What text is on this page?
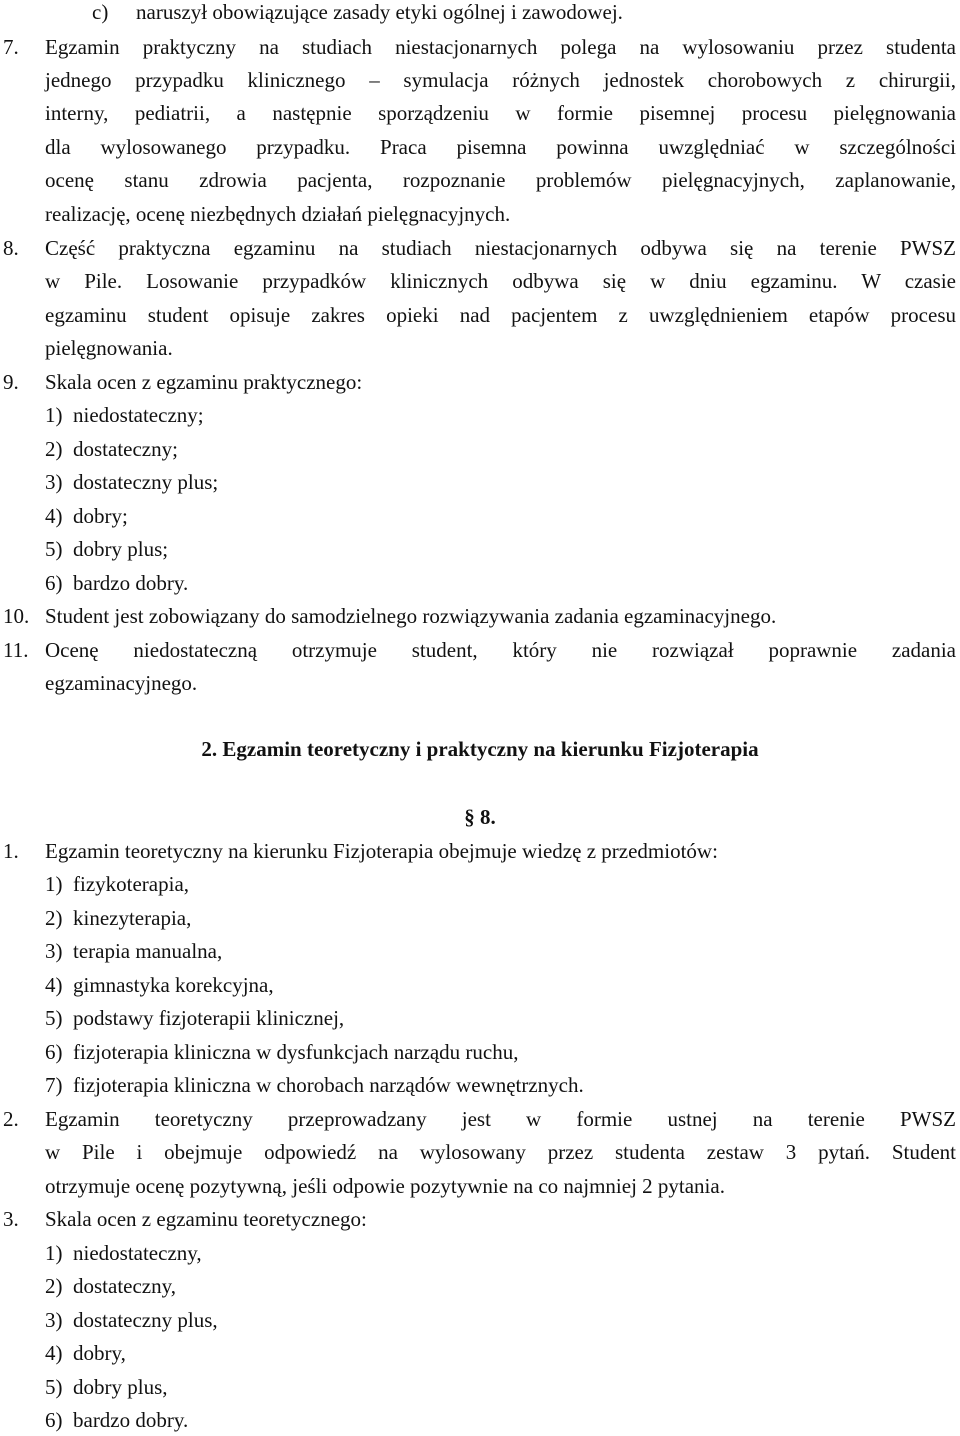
2. Egzamin teoretyczny i praktyczny na kierunku Fizjoterapia
§ 8.
c)	naruszył obowiązujące zasady etyki ogólnej i zawodowej.
7.	Egzamin praktyczny na studiach niestacjonarnych polega na wylosowaniu przez studenta
jednego przypadku klinicznego – symulacja różnych jednostek chorobowych z chirurgii,
interny, pediatrii, a następnie sporządzeniu w formie pisemnej procesu pielęgnowania
dla wylosowanego przypadku. Praca pisemna powinna uwzględniać w szczególności
ocenę stanu zdrowia pacjenta, rozpoznanie problemów pielęgnacyjnych, zaplanowanie,
realizację, ocenę niezbędnych działań pielęgnacyjnych.
8.	Część praktyczna egzaminu na studiach niestacjonarnych odbywa się na terenie PWSZ
w Pile. Losowanie przypadków klinicznych odbywa się w dniu egzaminu. W czasie
egzaminu student opisuje zakres opieki nad pacjentem z uwzględnieniem etapów procesu
pielęgnowania.
9.	Skala ocen z egzaminu praktycznego:
1)  niedostateczny;
2)  dostateczny;
3)  dostateczny plus;
4)  dobry;
5)  dobry plus;
6)  bardzo dobry.
10. Student jest zobowiązany do samodzielnego rozwiązywania zadania egzaminacyjnego.
11. Ocenę niedostateczną otrzymuje student, który nie rozwiązał poprawnie zadania
egzaminacyjnego.
1.	Egzamin teoretyczny na kierunku Fizjoterapia obejmuje wiedzę z przedmiotów:
1)  fizykoterapia,
2)  kinezyterapia,
3)  terapia manualna,
4)  gimnastyka korekcyjna,
5)  podstawy fizjoterapii klinicznej,
6)  fizjoterapia kliniczna w dysfunkcjach narządu ruchu,
7)  fizjoterapia kliniczna w chorobach narządów wewnętrznych.
2.	Egzamin teoretyczny przeprowadzany jest w formie ustnej na terenie PWSZ
w Pile i obejmuje odpowiedź na wylosowany przez studenta zestaw 3 pytań. Student
otrzymuje ocenę pozytywną, jeśli odpowie pozytywnie na co najmniej 2 pytania.
3.	Skala ocen z egzaminu teoretycznego:
1)  niedostateczny,
2)  dostateczny,
3)  dostateczny plus,
4)  dobry,
5)  dobry plus,
6)  bardzo dobry.
